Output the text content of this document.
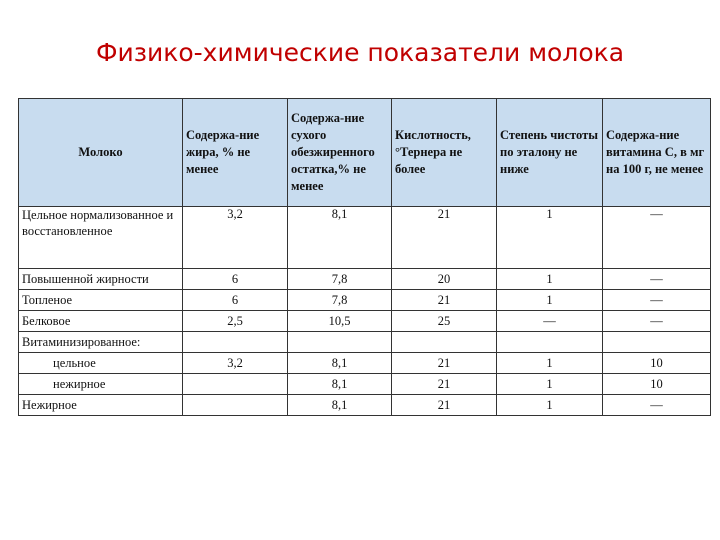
Физико-химические показатели молока
Молоко	Содержа-ние жира, % не менее	Содержа-ние сухого обезжиренного остатка,% не менее	Кислотность, °Тернера не более	Степень чистоты по эталону не ниже	Содержа-ние витамина С, в мг на 100 г, не менее
Цельное нормализованное и восстановленное	3,2	8,1	21	1	—
Повышенной жирности	6	7,8	20	1	—
Топленое	6	7,8	21	1	—
Белковое	2,5	10,5	25	—	—
Витаминизированное:					
цельное	3,2	8,1	21	1	10
нежирное		8,1	21	1	10
Нежирное		8,1	21	1	—
